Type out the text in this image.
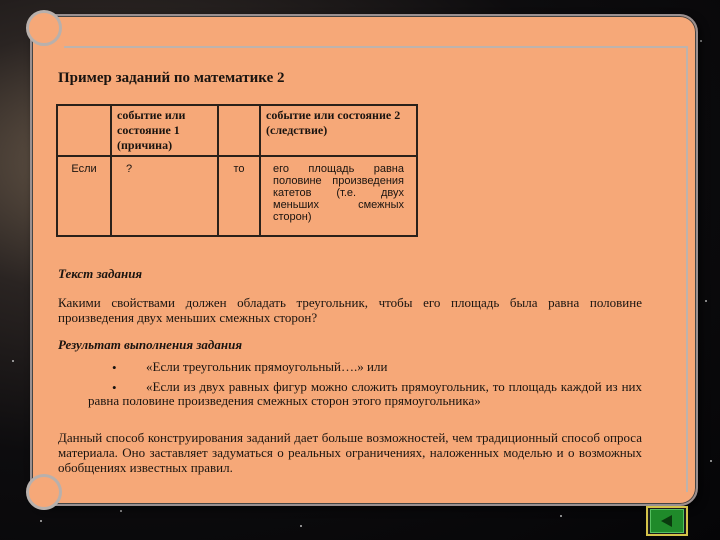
Пример заданий по математике 2
	событие или состояние 1 (причина)		событие или состояние 2 (следствие)
Если	?	то	его площадь равна половине произведения катетов (т.е. двух меньших смежных сторон)
Текст задания
Какими свойствами должен обладать треугольник, чтобы его площадь была равна половине произведения двух меньших смежных сторон?
Результат выполнения задания
•	«Если треугольник прямоугольный….» или
•	«Если из двух равных фигур можно сложить прямоугольник, то площадь каждой из них равна половине произведения смежных сторон этого прямоугольника»
Данный способ конструирования заданий дает больше возможностей, чем традиционный способ опроса материала. Оно заставляет задуматься о реальных ограничениях, наложенных моделью и о возможных обобщениях известных правил.
